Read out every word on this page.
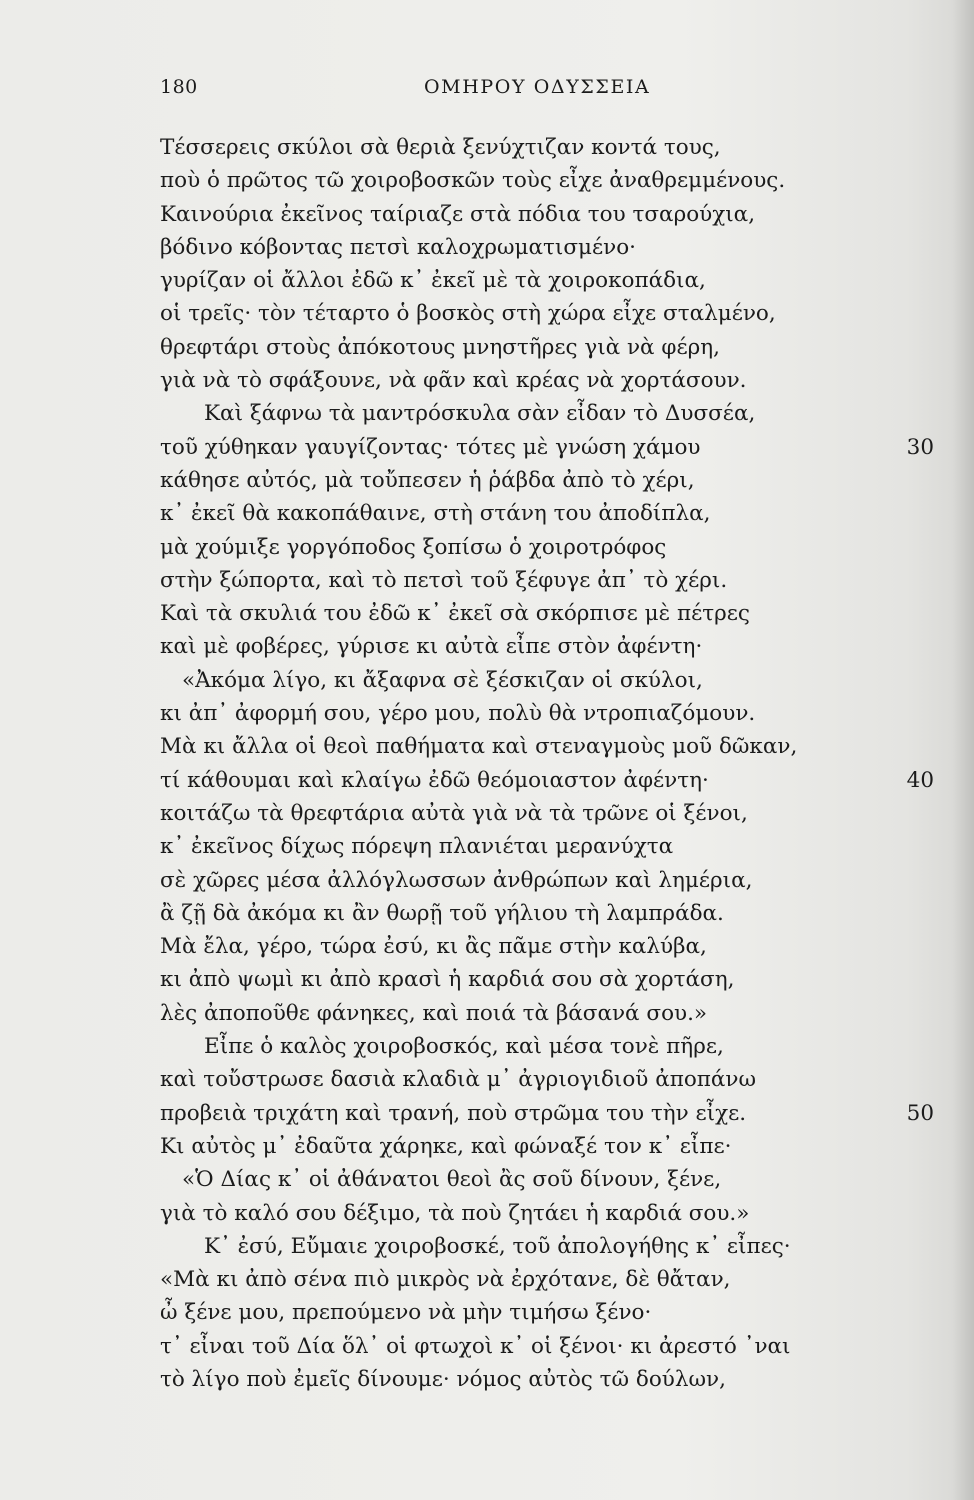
180	ΟΜΗΡΟΥ ΟΔΥΣΣΕΙΑ
Τέσσερεις σκύλοι σὰ θεριὰ ξενύχτιζαν κοντά τους,
ποὺ ὁ πρῶτος τῶ χοιροβοσκῶν τοὺς εἶχε ἀναθρεμμένους.
Καινούρια ἐκεῖνος ταίριαζε στὰ πόδια του τσαρούχια,
βόδινο κόβοντας πετσὶ καλοχρωματισμένο·
γυρίζαν οἱ ἄλλοι ἐδῶ κ᾽ ἐκεῖ μὲ τὰ χοιροκοπάδια,
οἱ τρεῖς· τὸν τέταρτο ὁ βοσκὸς στὴ χώρα εἶχε σταλμένο,
θρεφτάρι στοὺς ἀπόκοτους μνηστῆρες γιὰ νὰ φέρη,
γιὰ νὰ τὸ σφάξουνε, νὰ φᾶν καὶ κρέας νὰ χορτάσουν.
Καὶ ξάφνω τὰ μαντρόσκυλα σὰν εἶδαν τὸ Δυσσέα,
τοῦ χύθηκαν γαυγίζοντας· τότες μὲ γνώση χάμου	30
κάθησε αὐτός, μὰ τοὔπεσεν ἡ ῥάβδα ἀπὸ τὸ χέρι,
κ᾽ ἐκεῖ θὰ κακοπάθαινε, στὴ στάνη του ἀποδίπλα,
μὰ χούμιξε γοργόποδος ξοπίσω ὁ χοιροτρόφος
στὴν ξώπορτα, καὶ τὸ πετσὶ τοῦ ξέφυγε ἀπ᾽ τὸ χέρι.
Καὶ τὰ σκυλιά του ἐδῶ κ᾽ ἐκεῖ σὰ σκόρπισε μὲ πέτρες
καὶ μὲ φοβέρες, γύρισε κι αὐτὰ εἶπε στὸν ἀφέντη·
«Ἀκόμα λίγο, κι ἄξαφνα σὲ ξέσκιζαν οἱ σκύλοι,
κι ἀπ᾽ ἀφορμή σου, γέρο μου, πολὺ θὰ ντροπιαζόμουν.
Μὰ κι ἄλλα οἱ θεοὶ παθήματα καὶ στεναγμοὺς μοῦ δῶκαν,
τί κάθουμαι καὶ κλαίγω ἐδῶ θεόμοιαστον ἀφέντη·	40
κοιτάζω τὰ θρεφτάρια αὐτὰ γιὰ νὰ τὰ τρῶνε οἱ ξένοι,
κ᾽ ἐκεῖνος δίχως πόρεψη πλανιέται μερανύχτα
σὲ χῶρες μέσα ἀλλόγλωσσων ἀνθρώπων καὶ λημέρια,
ἂ ζῇ δὰ ἀκόμα κι ἂν θωρῇ τοῦ γήλιου τὴ λαμπράδα.
Μὰ ἔλα, γέρο, τώρα ἐσύ, κι ἂς πᾶμε στὴν καλύβα,
κι ἀπὸ ψωμὶ κι ἀπὸ κρασὶ ἡ καρδιά σου σὰ χορτάση,
λὲς ἀποποῦθε φάνηκες, καὶ ποιά τὰ βάσανά σου.»
Εἶπε ὁ καλὸς χοιροβοσκός, καὶ μέσα τονὲ πῆρε,
καὶ τοὔστρωσε δασιὰ κλαδιὰ μ᾽ ἀγριογιδιοῦ ἀποπάνω
προβειὰ τριχάτη καὶ τρανή, ποὺ στρῶμα του τὴν εἶχε.	50
Κι αὐτὸς μ᾽ ἐδαῦτα χάρηκε, καὶ φώναξέ τον κ᾽ εἶπε·
«Ὁ Δίας κ᾽ οἱ ἀθάνατοι θεοὶ ἂς σοῦ δίνουν, ξένε,
γιὰ τὸ καλό σου δέξιμο, τὰ ποὺ ζητάει ἡ καρδιά σου.»
Κ᾽ ἐσύ, Εὔμαιε χοιροβοσκέ, τοῦ ἀπολογήθης κ᾽ εἶπες·
«Μὰ κι ἀπὸ σένα πιὸ μικρὸς νὰ ἐρχότανε, δὲ θἄταν,
ὦ ξένε μου, πρεπούμενο νὰ μὴν τιμήσω ξένο·
τ᾽ εἶναι τοῦ Δία ὅλ᾽ οἱ φτωχοὶ κ᾽ οἱ ξένοι· κι ἀρεστό ᾽ναι
τὸ λίγο ποὺ ἐμεῖς δίνουμε· νόμος αὐτὸς τῶ δούλων,
